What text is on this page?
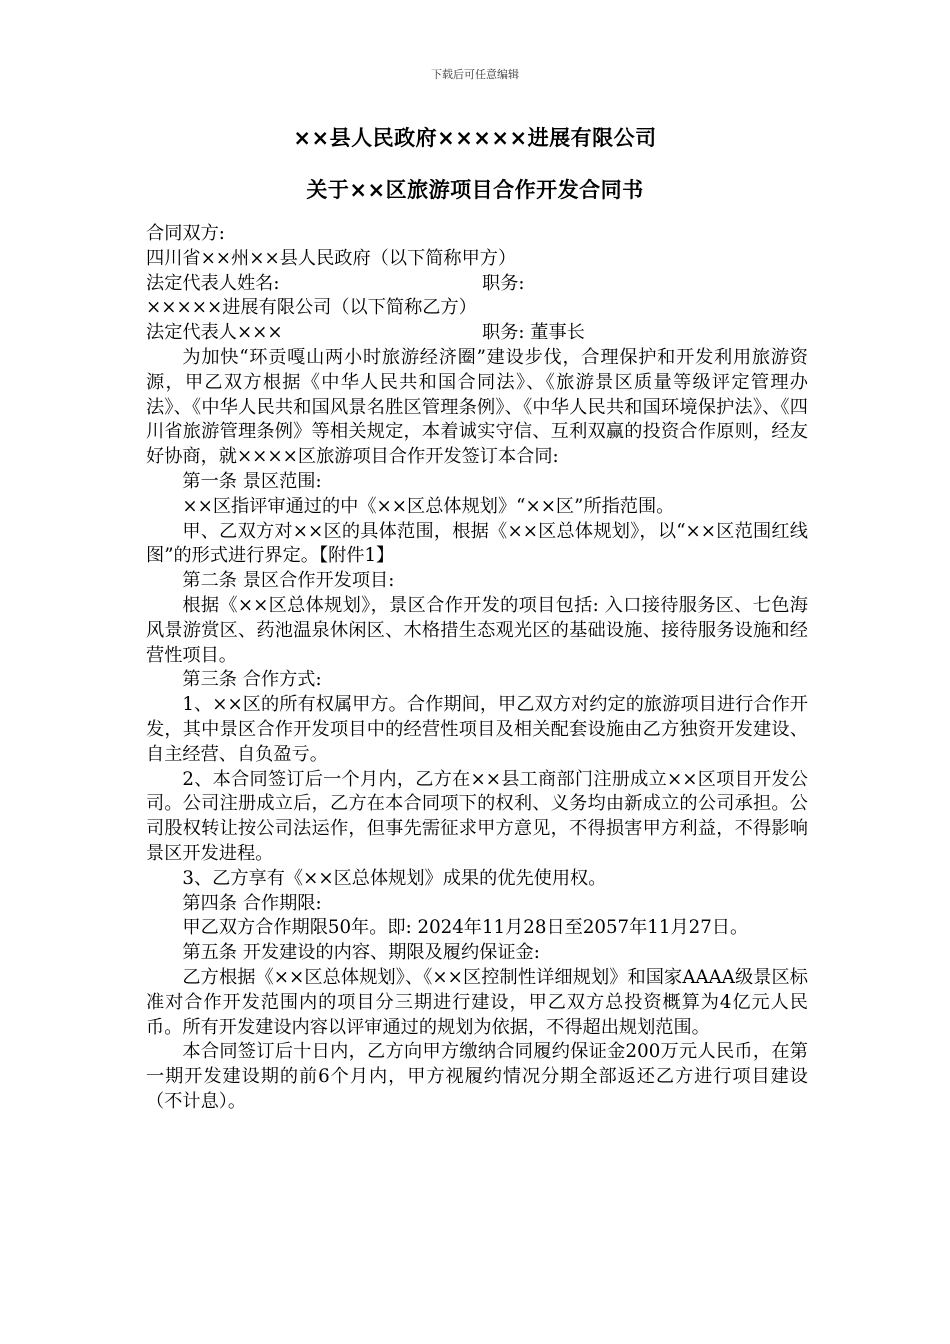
下载后可任意编辑
××县人民政府×××××进展有限公司
关于××区旅游项目合作开发合同书

合同双方:

四川省××州××县人民政府（以下简称甲方）

法定代表人姓名:	职务:

×××××进展有限公司（以下简称乙方）

法定代表人×××	职务: 董事长

为加快“环贡嘎山两小时旅游经济圈”建设步伐，合理保护和开发利用旅游资源，甲乙双方根据《中华人民共和国合同法》、《旅游景区质量等级评定管理办法》、《中华人民共和国风景名胜区管理条例》、《中华人民共和国环境保护法》、《四川省旅游管理条例》等相关规定，本着诚实守信、互利双赢的投资合作原则，经友好协商，就××××区旅游项目合作开发签订本合同:

第一条 景区范围:

××区指评审通过的中《××区总体规划》“××区”所指范围。

甲、乙双方对××区的具体范围，根据《××区总体规划》，以“××区范围红线图”的形式进行界定。【附件1】

第二条 景区合作开发项目:

根据《××区总体规划》，景区合作开发的项目包括: 入口接待服务区、七色海风景游赏区、药池温泉休闲区、木格措生态观光区的基础设施、接待服务设施和经营性项目。

第三条 合作方式:

1、××区的所有权属甲方。合作期间，甲乙双方对约定的旅游项目进行合作开发，其中景区合作开发项目中的经营性项目及相关配套设施由乙方独资开发建设、自主经营、自负盈亏。

2、本合同签订后一个月内，乙方在××县工商部门注册成立××区项目开发公司。公司注册成立后，乙方在本合同项下的权利、义务均由新成立的公司承担。公司股权转让按公司法运作，但事先需征求甲方意见，不得损害甲方利益，不得影响景区开发进程。

3、乙方享有《××区总体规划》成果的优先使用权。

第四条 合作期限:

甲乙双方合作期限50年。即: 2024年11月28日至2057年11月27日。

第五条 开发建设的内容、期限及履约保证金:

乙方根据《××区总体规划》、《××区控制性详细规划》和国家AAAA级景区标准对合作开发范围内的项目分三期进行建设，甲乙双方总投资概算为4亿元人民币。所有开发建设内容以评审通过的规划为依据，不得超出规划范围。

本合同签订后十日内，乙方向甲方缴纳合同履约保证金200万元人民币，在第一期开发建设期的前6个月内，甲方视履约情况分期全部返还乙方进行项目建设（不计息）。
